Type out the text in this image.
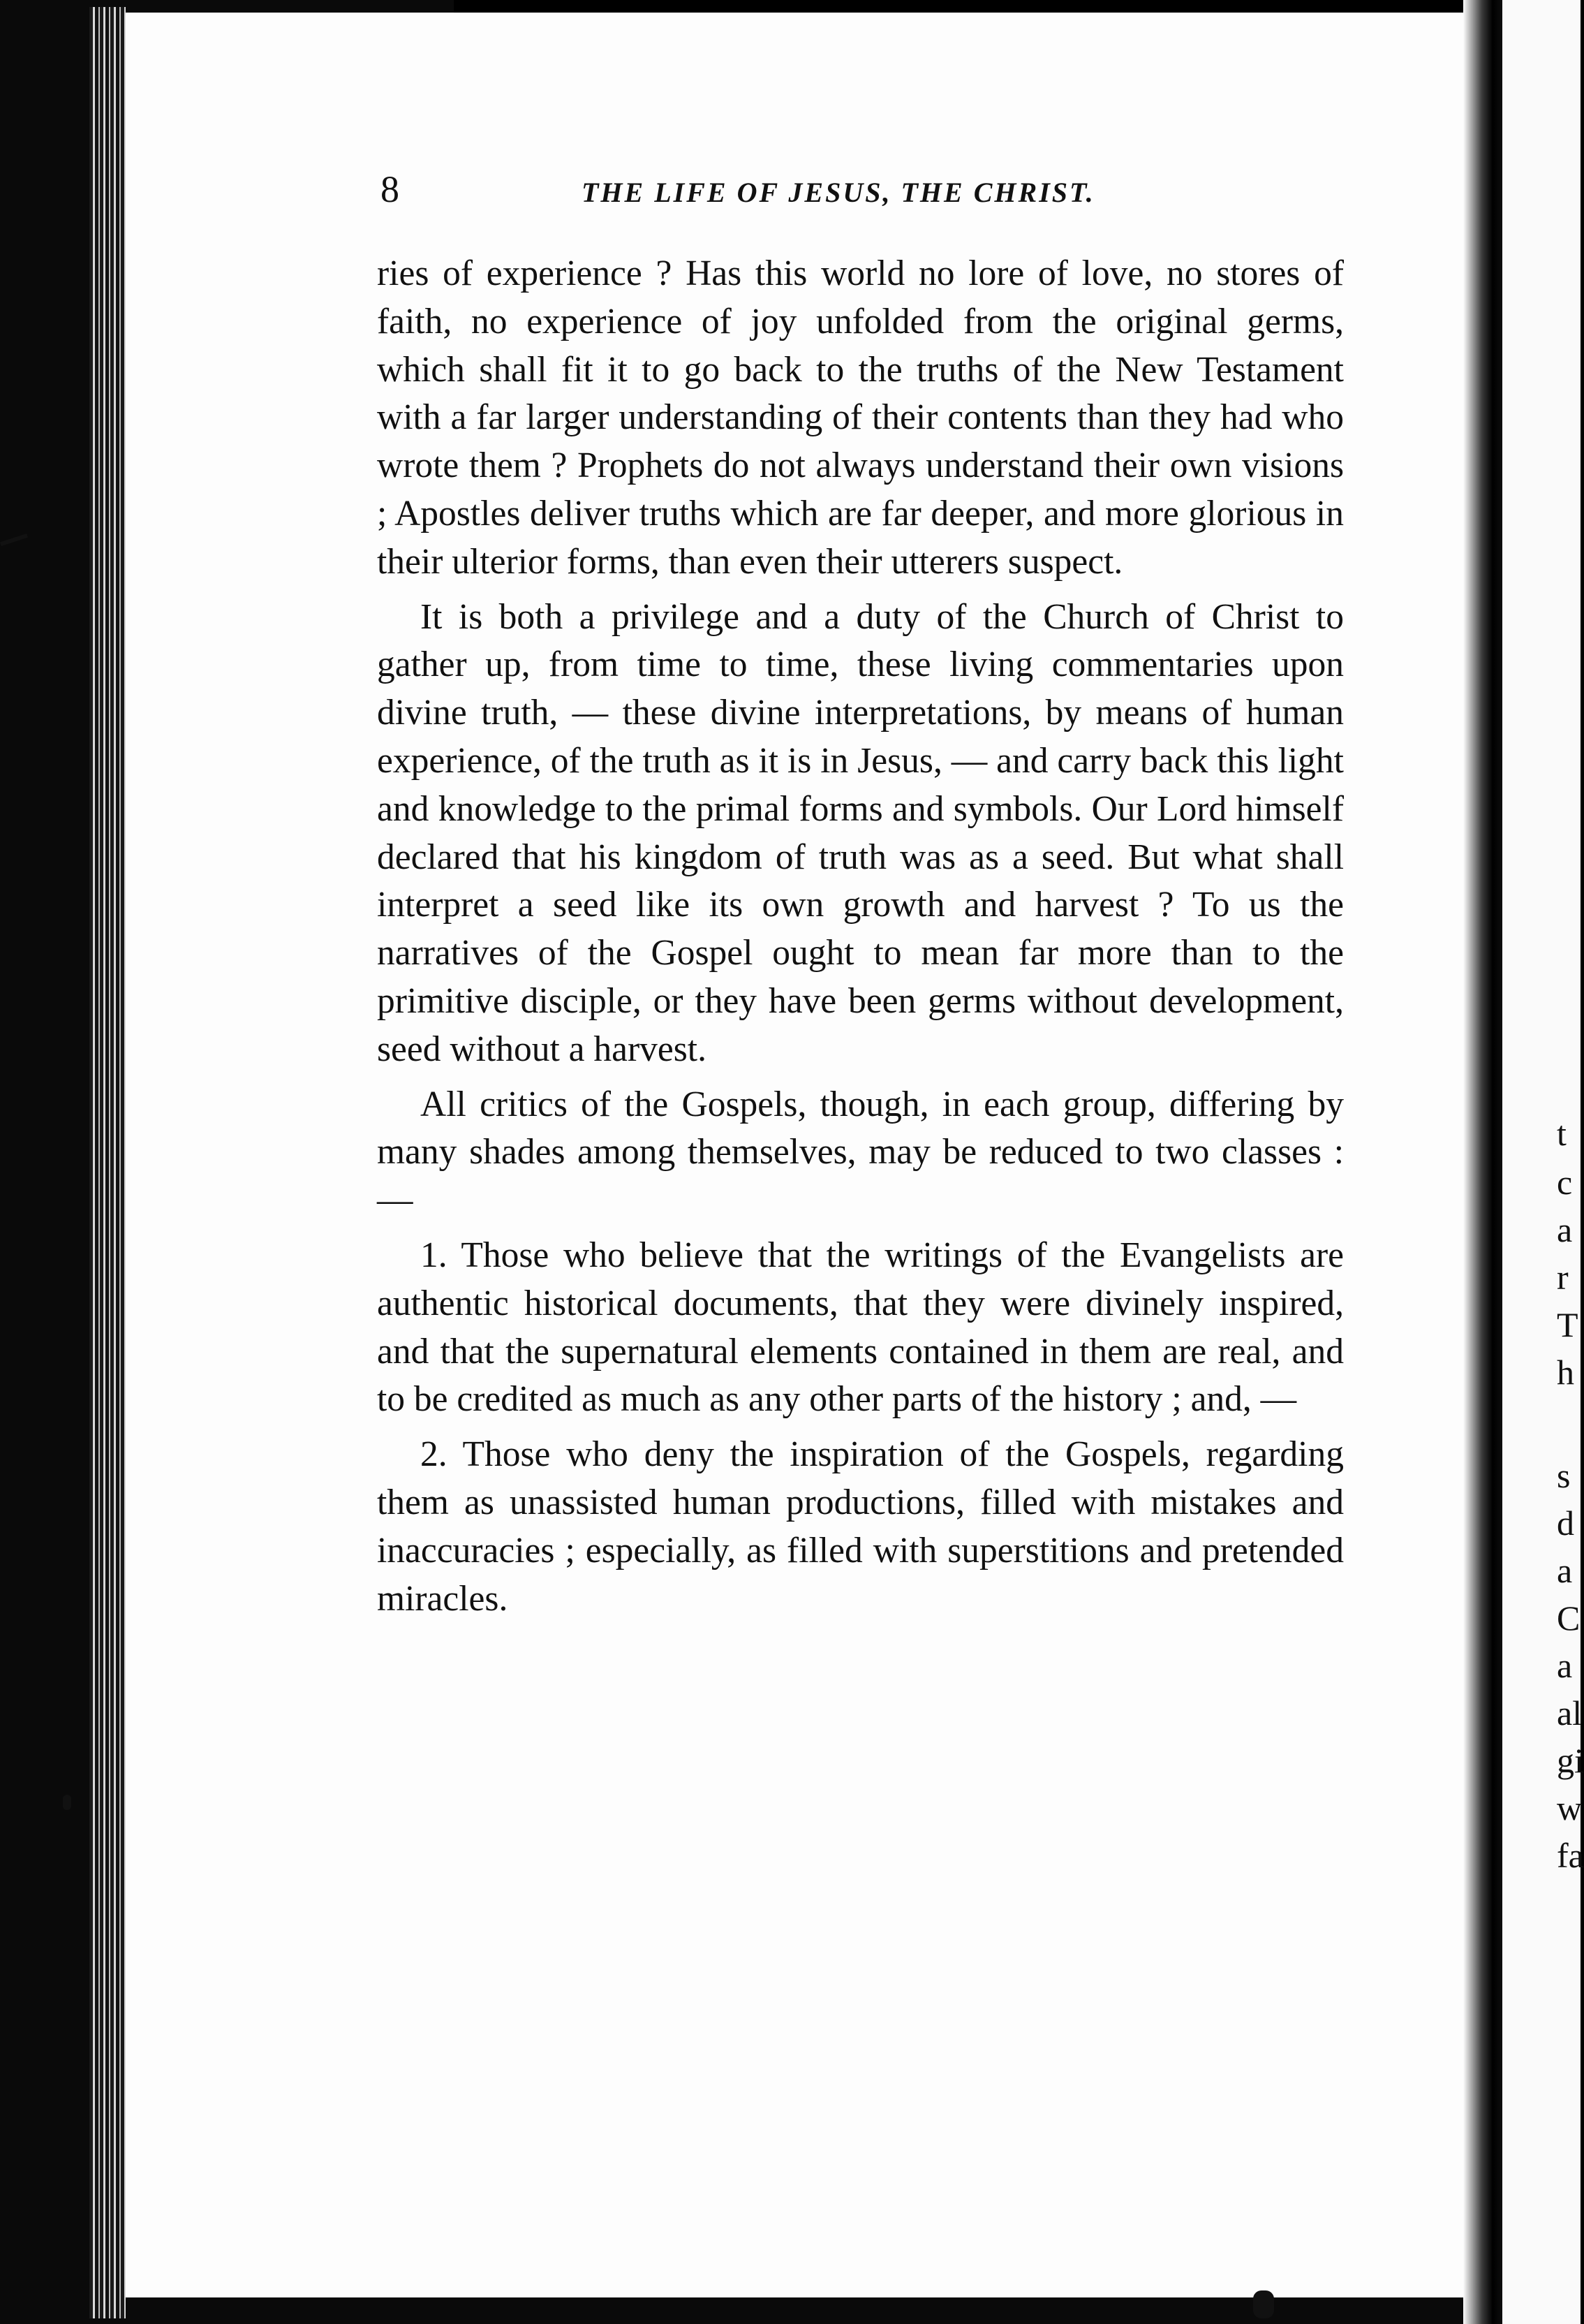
t
c
a
r
T
h
s
d
a
C
a
al
gi
w
fa
8	THE LIFE OF JESUS, THE CHRIST.

ries of experience ? Has this world no lore of love, no stores of faith, no experience of joy unfolded from the original germs, which shall fit it to go back to the truths of the New Testament with a far larger understanding of their contents than they had who wrote them ? Prophets do not always understand their own visions ; Apostles deliver truths which are far deeper, and more glorious in their ulterior forms, than even their utterers suspect.

It is both a privilege and a duty of the Church of Christ to gather up, from time to time, these living commentaries upon divine truth, — these divine interpretations, by means of human experience, of the truth as it is in Jesus, — and carry back this light and knowledge to the primal forms and symbols. Our Lord himself declared that his kingdom of truth was as a seed. But what shall interpret a seed like its own growth and harvest ? To us the narratives of the Gospel ought to mean far more than to the primitive disciple, or they have been germs without development, seed without a harvest.

All critics of the Gospels, though, in each group, differing by many shades among themselves, may be reduced to two classes : —

1. Those who believe that the writings of the Evangelists are authentic historical documents, that they were divinely inspired, and that the supernatural elements contained in them are real, and to be credited as much as any other parts of the history ; and, —

2. Those who deny the inspiration of the Gospels, regarding them as unassisted human productions, filled with mistakes and inaccuracies ; especially, as filled with superstitions and pretended miracles.
